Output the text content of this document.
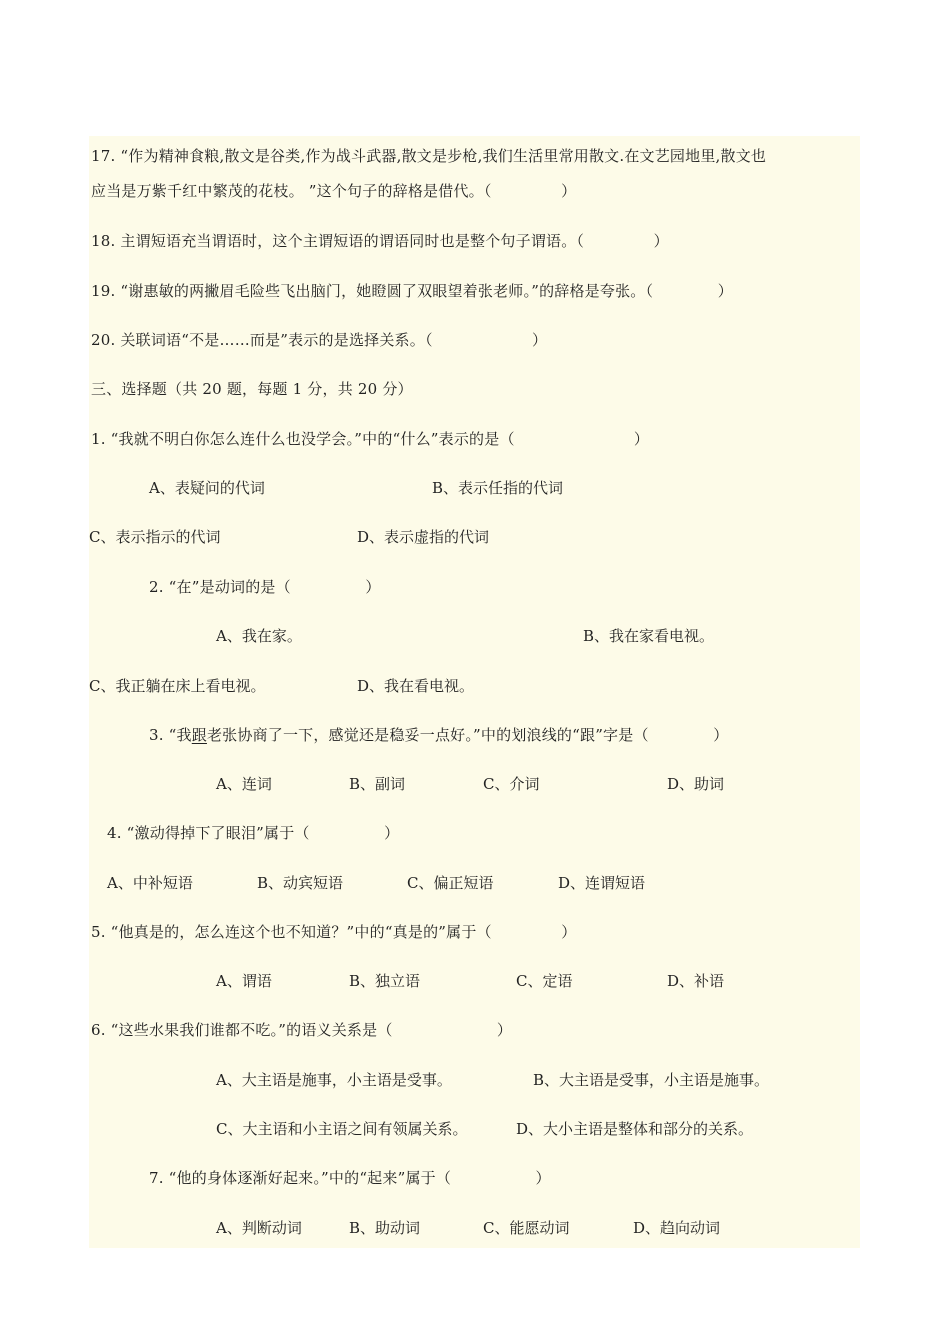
17. “作为精神食粮,散文是谷类,作为战斗武器,散文是步枪,我们生活里常用散文.在文艺园地里,散文也
应当是万紫千红中繁茂的花枝。 ”这个句子的辞格是借代。（              ）
18. 主谓短语充当谓语时，这个主谓短语的谓语同时也是整个句子谓语。（              ）
19. “谢惠敏的两撇眉毛险些飞出脑门，她瞪圆了双眼望着张老师。”的辞格是夸张。（             ）
20. 关联词语“不是……而是”表示的是选择关系。（                    ）
三、选择题（共 20 题，每题 1 分，共 20 分）
1. “我就不明白你怎么连什么也没学会。”中的“什么”表示的是（                        ）
A、表疑问的代词	B、表示任指的代词
C、表示指示的代词	D、表示虚指的代词
2. “在”是动词的是（               ）
A、我在家。	B、我在家看电视。
C、我正躺在床上看电视。	D、我在看电视。
3. “我跟老张协商了一下，感觉还是稳妥一点好。”中的划浪线的“跟”字是（             ）
A、连词	B、副词	C、介词	D、助词
4. “激动得掉下了眼泪”属于（               ）
A、中补短语	B、动宾短语	C、偏正短语	D、连谓短语
5. “他真是的，怎么连这个也不知道？”中的“真是的”属于（              ）
A、谓语	B、独立语	C、定语	D、补语
6. “这些水果我们谁都不吃。”的语义关系是（                     ）
A、大主语是施事，小主语是受事。	B、大主语是受事，小主语是施事。
C、大主语和小主语之间有领属关系。	D、大小主语是整体和部分的关系。
7. “他的身体逐渐好起来。”中的“起来”属于（                 ）
A、判断动词	B、助动词	C、能愿动词	D、趋向动词
